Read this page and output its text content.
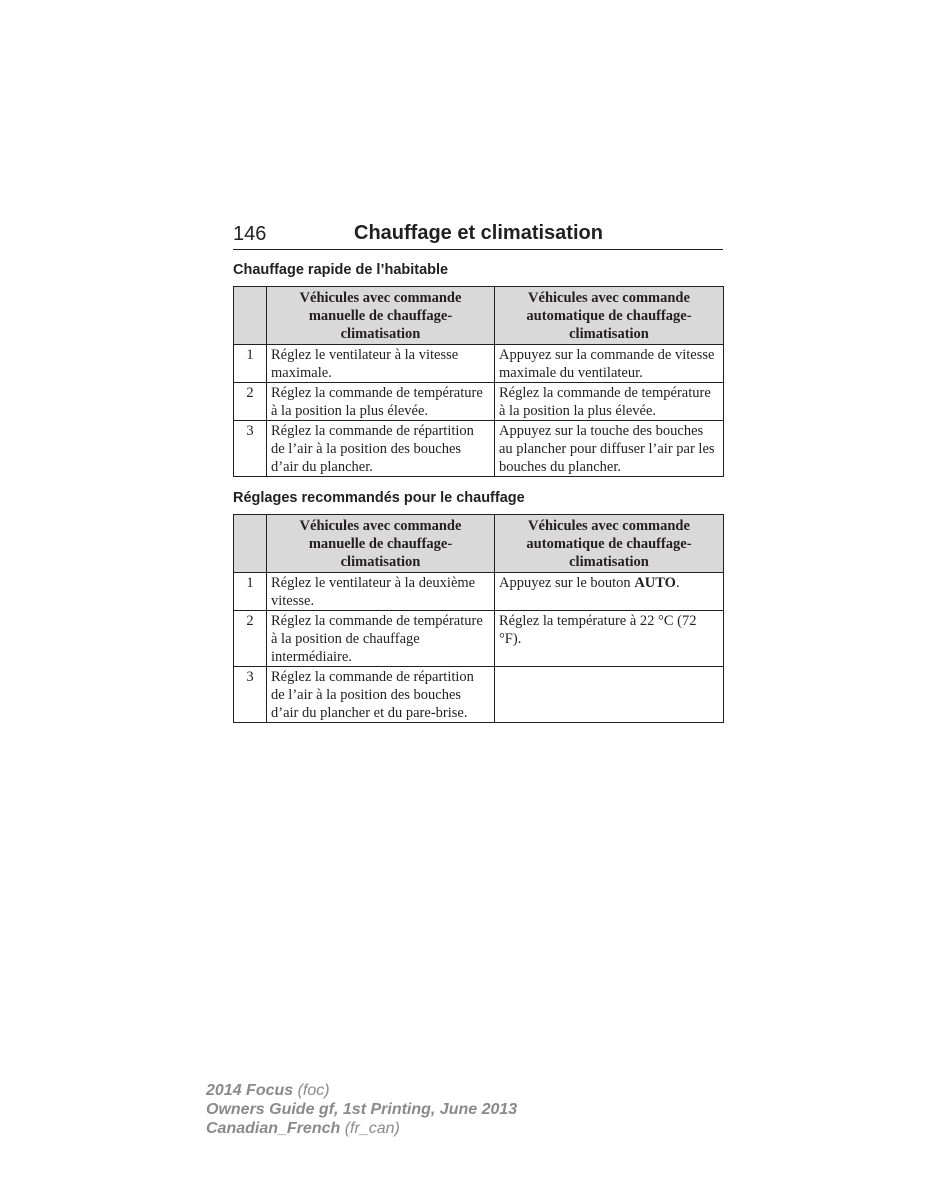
146	Chauffage et climatisation
Chauffage rapide de l’habitable
	Véhicules avec commande manuelle de chauffage-climatisation	Véhicules avec commande automatique de chauffage-climatisation
1	Réglez le ventilateur à la vitesse maximale.	Appuyez sur la commande de vitesse maximale du ventilateur.
2	Réglez la commande de température à la position la plus élevée.	Réglez la commande de température à la position la plus élevée.
3	Réglez la commande de répartition de l’air à la position des bouches d’air du plancher.	Appuyez sur la touche des bouches au plancher pour diffuser l’air par les bouches du plancher.
Réglages recommandés pour le chauffage
	Véhicules avec commande manuelle de chauffage-climatisation	Véhicules avec commande automatique de chauffage-climatisation
1	Réglez le ventilateur à la deuxième vitesse.	Appuyez sur le bouton AUTO.
2	Réglez la commande de température à la position de chauffage intermédiaire.	Réglez la température à 22 °C (72 °F).
3	Réglez la commande de répartition de l’air à la position des bouches d’air du plancher et du pare-brise.	
2014 Focus (foc)
Owners Guide gf, 1st Printing, June 2013
Canadian_French (fr_can)
